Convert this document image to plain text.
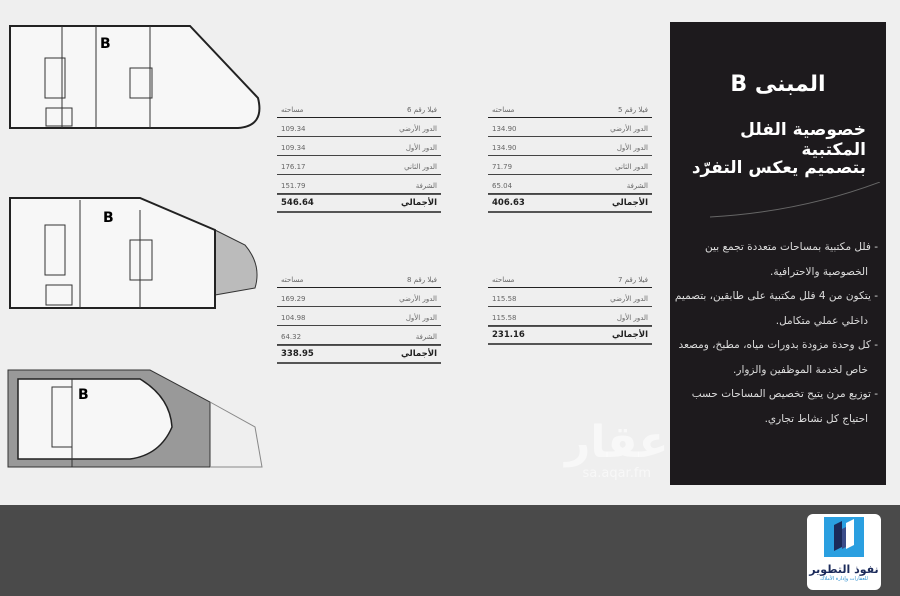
B
B
B
فيلا رقم 5
مساحته
الدور الأرضي
134.90
الدور الأول
134.90
الدور الثاني
71.79
الشرفة
65.04
الأجمالي
406.63
فيلا رقم 6
مساحته
الدور الأرضي
109.34
الدور الأول
109.34
الدور الثاني
176.17
الشرفة
151.79
الأجمالي
546.64
فيلا رقم 7
مساحته
الدور الأرضي
115.58
الدور الأول
115.58
الأجمالي
231.16
فيلا رقم 8
مساحته
الدور الأرضي
169.29
الدور الأول
104.98
الشرفة
64.32
الأجمالي
338.95
المبنى B
خصوصية الفلل المكتبية
بتصميم يعكس التفرّد
- فلل مكتبية بمساحات متعددة تجمع بين الخصوصية والاحترافية.
- يتكون من 4 فلل مكتبية على طابقين، بتصميم داخلي عملي متكامل.
- كل وحدة مزودة بدورات مياه، مطبخ، ومصعد خاص لخدمة الموظفين والزوار.
- توزيع مرن يتيح تخصيص المساحات حسب احتياج كل نشاط تجاري.
عقار
sa.aqar.fm
نفوذ التطوير
للعقارات وإدارة الأملاك
